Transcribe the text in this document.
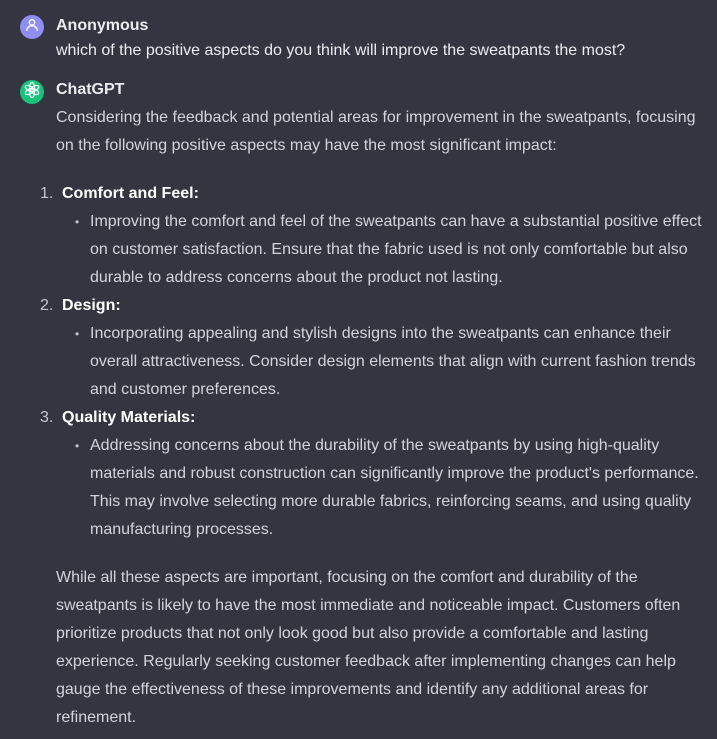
Anonymous
which of the positive aspects do you think will improve the sweatpants the most?
ChatGPT

Considering the feedback and potential areas for improvement in the sweatpants, focusing on the following positive aspects may have the most significant impact:

1. Comfort and Feel:
• Improving the comfort and feel of the sweatpants can have a substantial positive effect on customer satisfaction. Ensure that the fabric used is not only comfortable but also durable to address concerns about the product not lasting.
2. Design:
• Incorporating appealing and stylish designs into the sweatpants can enhance their overall attractiveness. Consider design elements that align with current fashion trends and customer preferences.
3. Quality Materials:
• Addressing concerns about the durability of the sweatpants by using high-quality materials and robust construction can significantly improve the product's performance. This may involve selecting more durable fabrics, reinforcing seams, and using quality manufacturing processes.

While all these aspects are important, focusing on the comfort and durability of the sweatpants is likely to have the most immediate and noticeable impact. Customers often prioritize products that not only look good but also provide a comfortable and lasting experience. Regularly seeking customer feedback after implementing changes can help gauge the effectiveness of these improvements and identify any additional areas for refinement.
